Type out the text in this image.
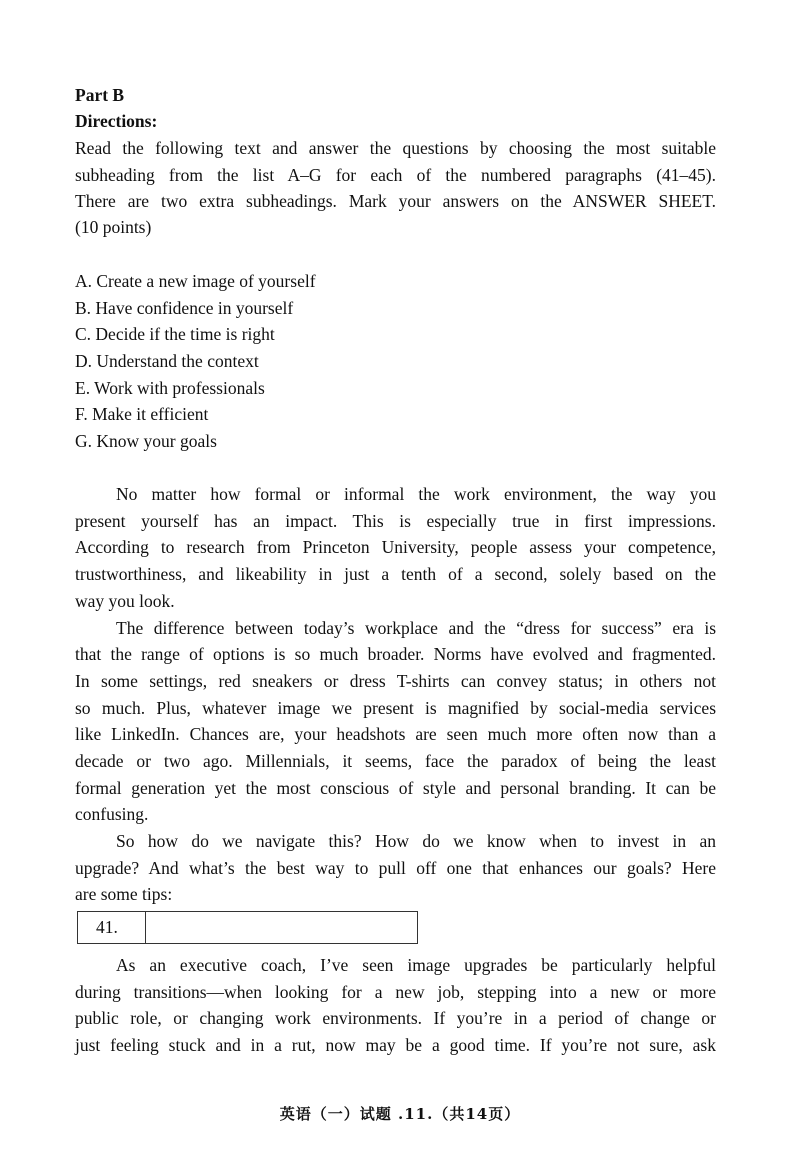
Part B
Directions:
Read the following text and answer the questions by choosing the most suitable
subheading from the list A–G for each of the numbered paragraphs (41–45).
There are two extra subheadings. Mark your answers on the ANSWER SHEET.
(10 points)
A. Create a new image of yourself
B. Have confidence in yourself
C. Decide if the time is right
D. Understand the context
E. Work with professionals
F. Make it efficient
G. Know your goals
No matter how formal or informal the work environment, the way you
present yourself has an impact. This is especially true in first impressions.
According to research from Princeton University, people assess your competence,
trustworthiness, and likeability in just a tenth of a second, solely based on the
way you look.
The difference between today’s workplace and the “dress for success” era is
that the range of options is so much broader. Norms have evolved and fragmented.
In some settings, red sneakers or dress T-shirts can convey status; in others not
so much. Plus, whatever image we present is magnified by social-media services
like LinkedIn. Chances are, your headshots are seen much more often now than a
decade or two ago. Millennials, it seems, face the paradox of being the least
formal generation yet the most conscious of style and personal branding. It can be
confusing.
So how do we navigate this? How do we know when to invest in an
upgrade? And what’s the best way to pull off one that enhances our goals? Here
are some tips:
41.
As an executive coach, I’ve seen image upgrades be particularly helpful
during transitions—when looking for a new job, stepping into a new or more
public role, or changing work environments. If you’re in a period of change or
just feeling stuck and in a rut, now may be a good time. If you’re not sure, ask
英语（一）试题 .11.（共14页）
